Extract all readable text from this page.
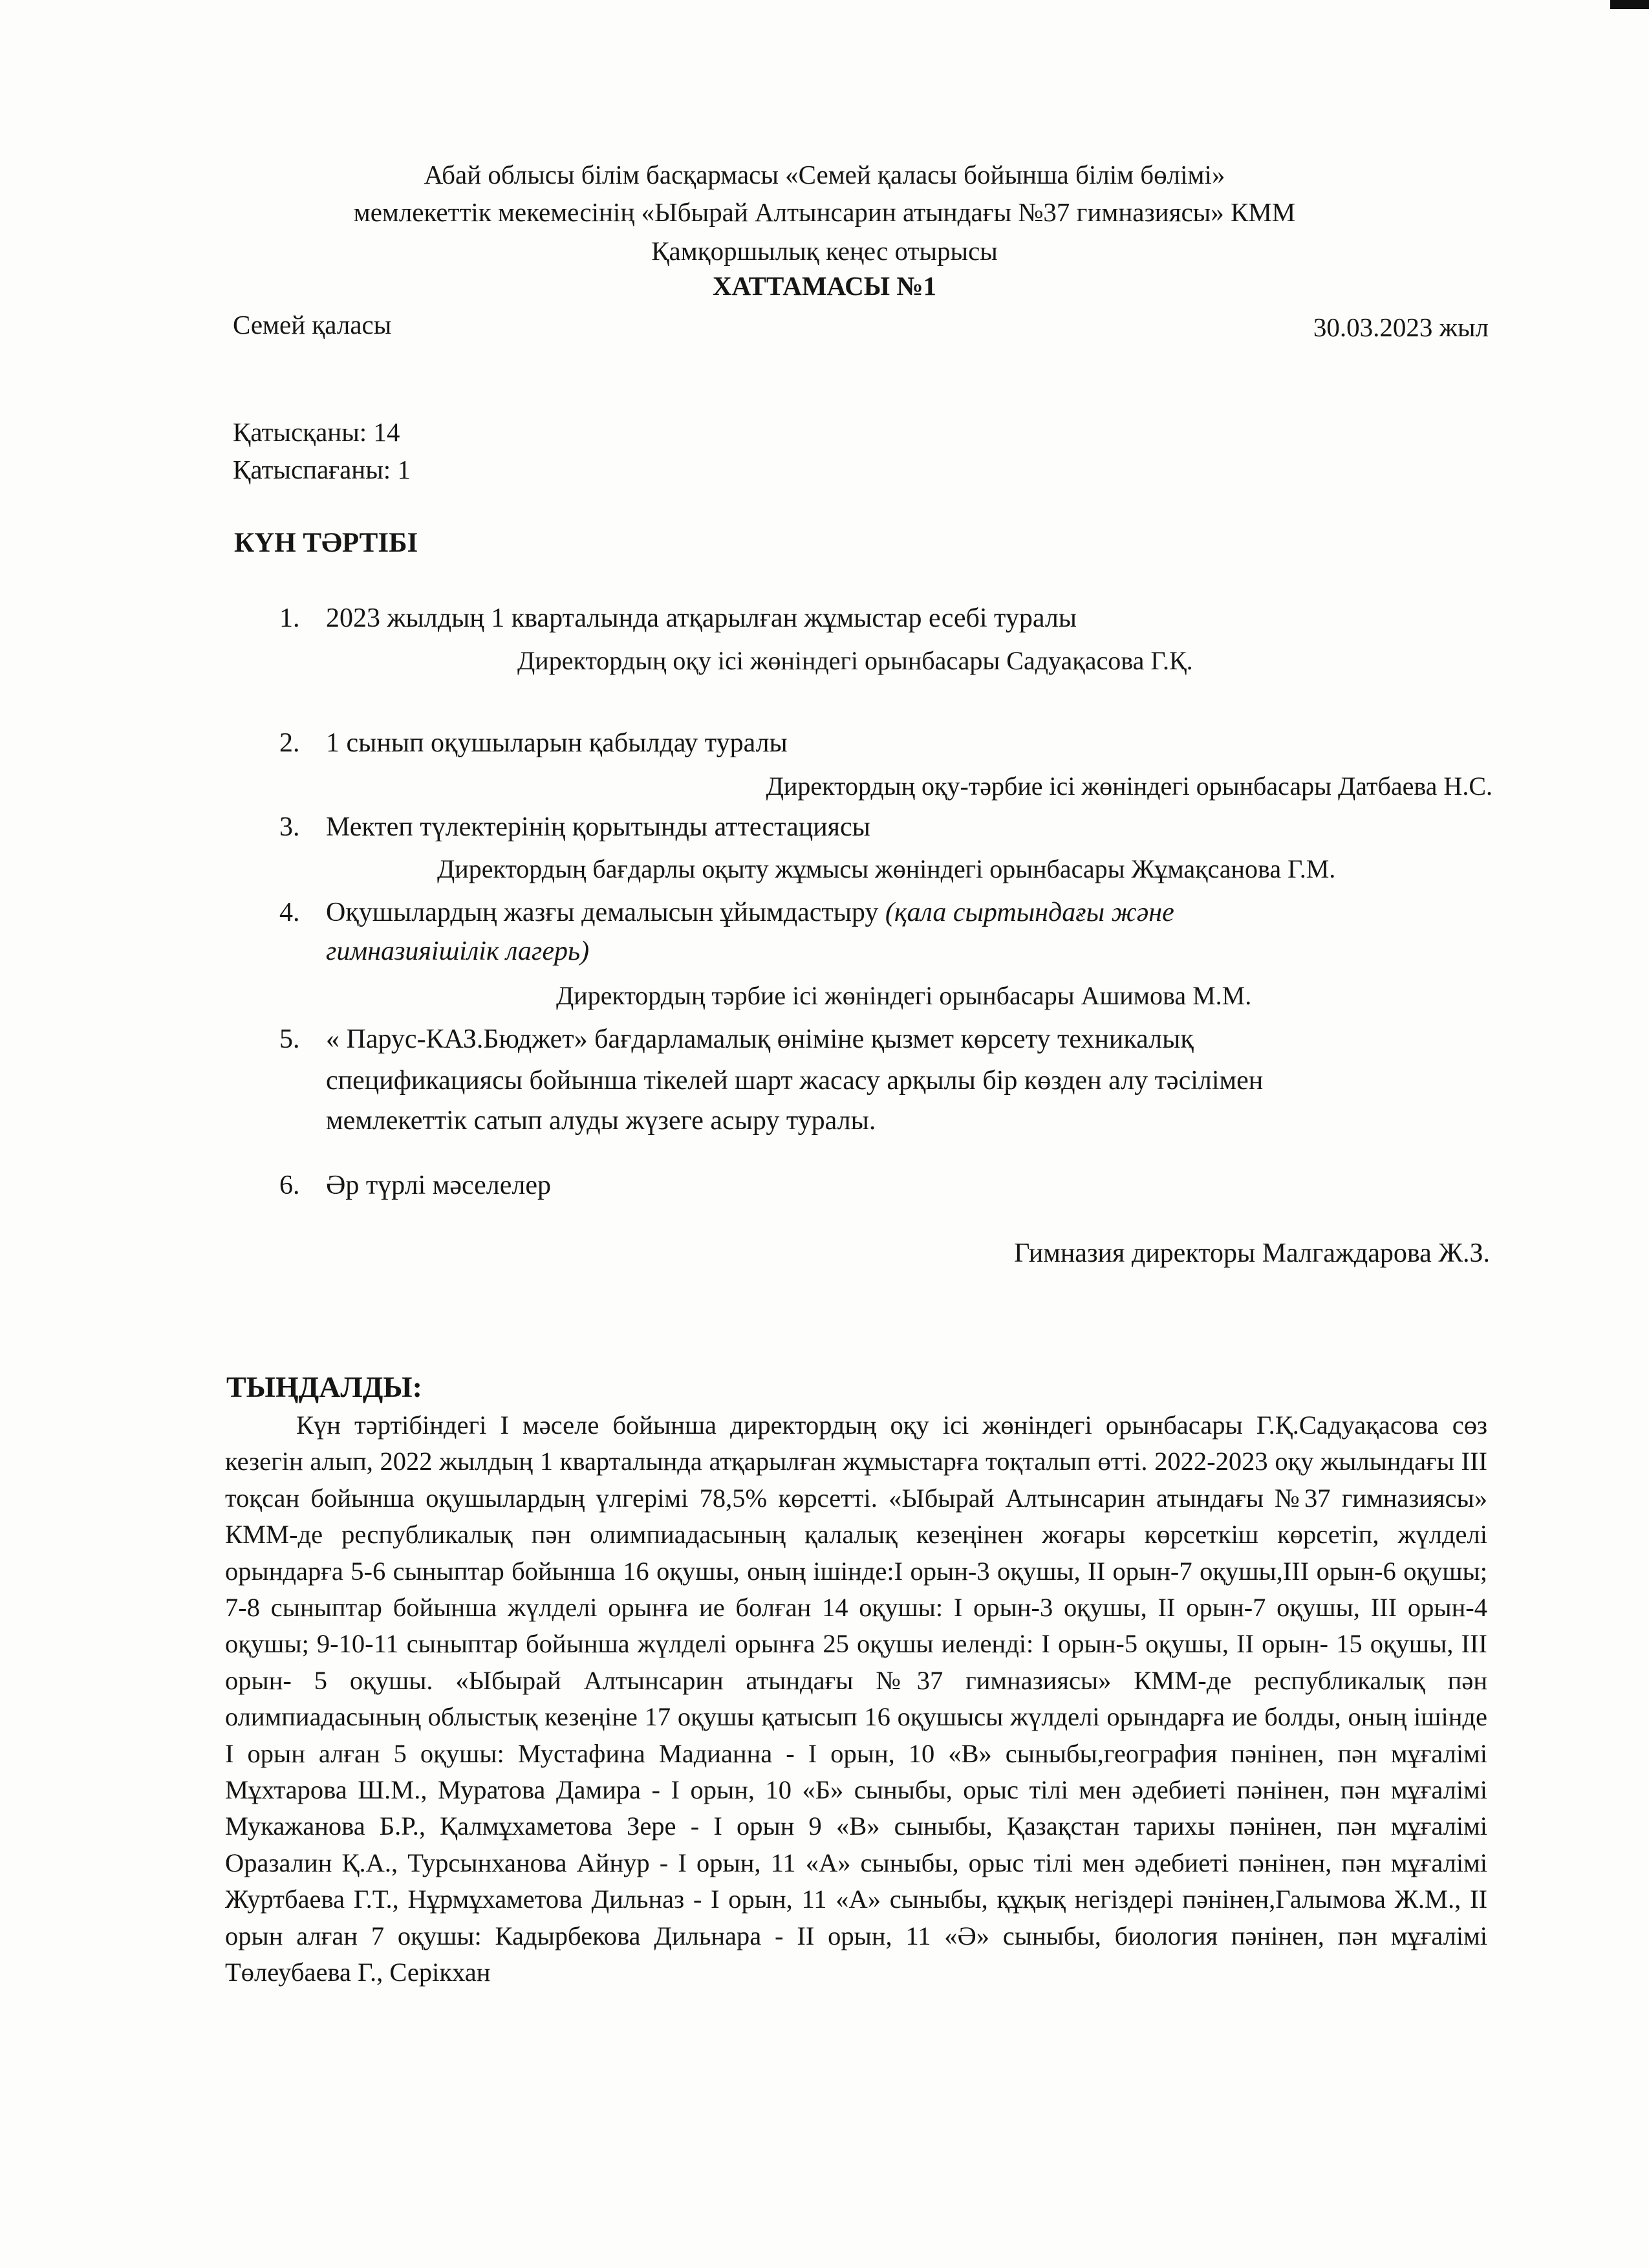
Абай облысы білім басқармасы «Семей қаласы бойынша білім бөлімі»

мемлекеттік мекемесінің «Ыбырай Алтынсарин атындағы №37 гимназиясы» КММ

Қамқоршылық кеңес отырысы

ХАТТАМАСЫ №1

Семей қаласы	30.03.2023 жыл

Қатысқаны: 14

Қатыспағаны: 1

КҮН ТӘРТІБІ

1. 2023 жылдың 1 кварталында атқарылған жұмыстар есебі туралы

Директордың оқу ісі жөніндегі орынбасары Садуақасова Г.Қ.

2. 1 сынып оқушыларын қабылдау туралы

Директордың оқу-тәрбие ісі жөніндегі орынбасары Датбаева Н.С.

3. Мектеп түлектерінің қорытынды аттестациясы

Директордың бағдарлы оқыту жұмысы жөніндегі орынбасары Жұмақсанова Г.М.

4. Оқушылардың жазғы демалысын ұйымдастыру (қала сыртындағы және

гимназияішілік лагерь)

Директордың тәрбие ісі жөніндегі орынбасары Ашимова М.М.

5. « Парус-КАЗ.Бюджет» бағдарламалық өніміне қызмет көрсету техникалық

спецификациясы бойынша тікелей шарт жасасу арқылы бір көзден алу тәсілімен

мемлекеттік сатып алуды жүзеге асыру туралы.

6. Әр түрлі мәселелер

Гимназия директоры Малгаждарова Ж.З.

ТЫҢДАЛДЫ:

Күн тәртібіндегі I мәселе бойынша директордың оқу ісі жөніндегі орынбасары Г.Қ.Садуақасова сөз кезегін алып, 2022 жылдың 1 кварталында атқарылған жұмыстарға тоқталып өтті. 2022-2023 оқу жылындағы III тоқсан бойынша оқушылардың үлгерімі 78,5% көрсетті. «Ыбырай Алтынсарин атындағы №37 гимназиясы» КММ-де республикалық пән олимпиадасының қалалық кезеңінен жоғары көрсеткіш көрсетіп, жүлделі орындарға 5-6 сыныптар бойынша 16 оқушы, оның ішінде:І орын-3 оқушы, ІІ орын-7 оқушы,ІІІ орын-6 оқушы; 7-8 сыныптар бойынша жүлделі орынға ие болған 14 оқушы: І орын-3 оқушы, ІІ орын-7 оқушы, ІІІ орын-4 оқушы; 9-10-11 сыныптар бойынша жүлделі орынға 25 оқушы иеленді: І орын-5 оқушы, ІІ орын- 15 оқушы, ІІІ орын- 5 оқушы. «Ыбырай Алтынсарин атындағы №37 гимназиясы» КММ-де республикалық пән олимпиадасының облыстық кезеңіне 17 оқушы қатысып 16 оқушысы жүлделі орындарға ие болды, оның ішінде І орын алған 5 оқушы: Мустафина Мадианна - І орын, 10 «В» сыныбы,география пәнінен, пән мұғалімі Мұхтарова Ш.М., Муратова Дамира - І орын, 10 «Б» сыныбы, орыс тілі мен әдебиеті пәнінен, пән мұғалімі Мукажанова Б.Р., Қалмұхаметова Зере - І орын 9 «В» сыныбы, Қазақстан тарихы пәнінен, пән мұғалімі Оразалин Қ.А., Турсынханова Айнур - І орын, 11 «А» сыныбы, орыс тілі мен әдебиеті пәнінен, пән мұғалімі Журтбаева Г.Т., Нұрмұхаметова Дильназ - І орын, 11 «А» сыныбы, құқық негіздері пәнінен,Галымова Ж.М., ІІ орын алған 7 оқушы: Кадырбекова Дильнара - ІІ орын, 11 «Ә» сыныбы, биология пәнінен, пән мұғалімі Төлеубаева Г., Серікхан
